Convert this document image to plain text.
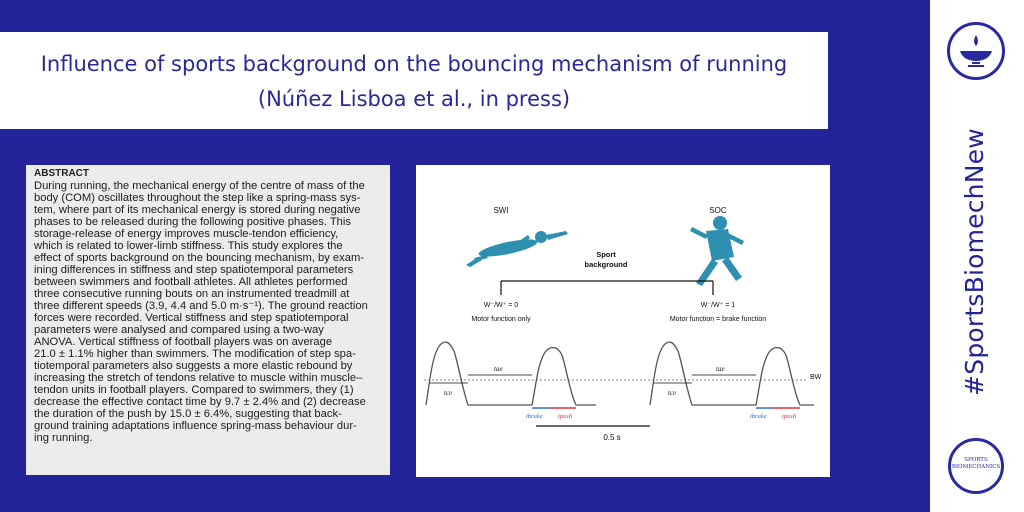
Influence of sports background on the bouncing mechanism of running
(Núñez Lisboa et al., in press)
ABSTRACT
During running, the mechanical energy of the centre of mass of the
body (COM) oscillates throughout the step like a spring-mass sys-
tem, where part of its mechanical energy is stored during negative
phases to be released during the following positive phases. This
storage-release of energy improves muscle-tendon efficiency,
which is related to lower-limb stiffness. This study explores the
effect of sports background on the bouncing mechanism, by exam-
ining differences in stiffness and step spatiotemporal parameters
between swimmers and football athletes. All athletes performed
three consecutive running bouts on an instrumented treadmill at
three different speeds (3.9, 4.4 and 5.0 m·s⁻¹). The ground reaction
forces were recorded. Vertical stiffness and step spatiotemporal
parameters were analysed and compared using a two-way
ANOVA. Vertical stiffness of football players was on average
21.0 ± 1.1% higher than swimmers. The modification of step spa-
tiotemporal parameters also suggests a more elastic rebound by
increasing the stretch of tendons relative to muscle within muscle–
tendon units in football players. Compared to swimmers, they (1)
decrease the effective contact time by 9.7 ± 2.4% and (2) decrease
the duration of the push by 15.0 ± 6.4%, suggesting that back-
ground training adaptations influence spring-mass behaviour dur-
ing running.
SWI	SOC
Sport
background
W⁻/W⁺ = 0	W⁻/W⁺ = 1
Motor function only	Motor function = brake function
BW
tce
tae
tbrake tpush
tce
tae
tbrake tpush
0.5 s
#SportsBiomechNew
SPORTS
BIOMECHANICS
